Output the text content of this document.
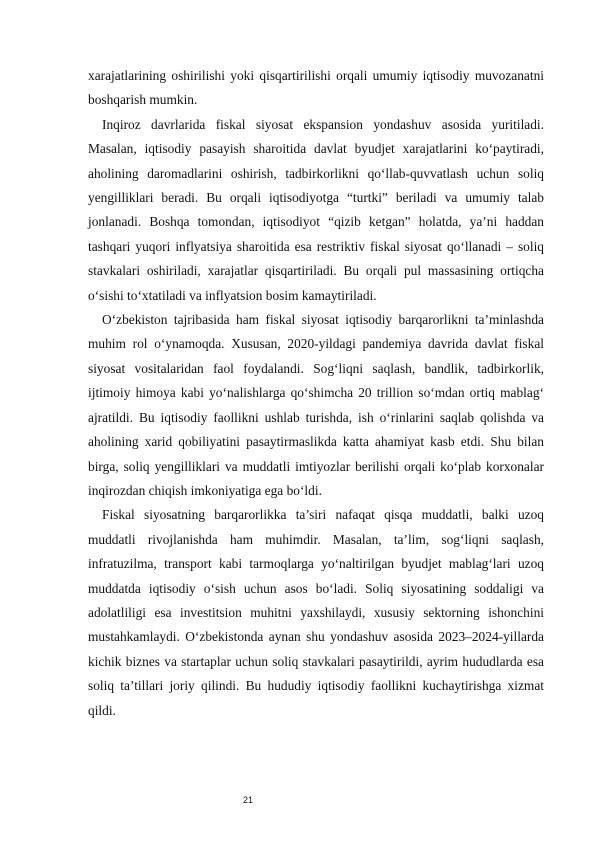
xarajatlarining oshirilishi yoki qisqartirilishi orqali umumiy iqtisodiy muvozanatni boshqarish mumkin.

Inqiroz davrlarida fiskal siyosat ekspansion yondashuv asosida yuritiladi. Masalan, iqtisodiy pasayish sharoitida davlat byudjet xarajatlarini ko‘paytiradi, aholining daromadlarini oshirish, tadbirkorlikni qo‘llab-quvvatlash uchun soliq yengilliklari beradi. Bu orqali iqtisodiyotga “turtki” beriladi va umumiy talab jonlanadi. Boshqa tomondan, iqtisodiyot “qizib ketgan” holatda, ya’ni haddan tashqari yuqori inflyatsiya sharoitida esa restriktiv fiskal siyosat qo‘llanadi – soliq stavkalari oshiriladi, xarajatlar qisqartiriladi. Bu orqali pul massasining ortiqcha o‘sishi to‘xtatiladi va inflyatsion bosim kamaytiriladi.

O‘zbekiston tajribasida ham fiskal siyosat iqtisodiy barqarorlikni ta’minlashda muhim rol o‘ynamoqda. Xususan, 2020-yildagi pandemiya davrida davlat fiskal siyosat vositalaridan faol foydalandi. Sog‘liqni saqlash, bandlik, tadbirkorlik, ijtimoiy himoya kabi yo‘nalishlarga qo‘shimcha 20 trillion so‘mdan ortiq mablag‘ ajratildi. Bu iqtisodiy faollikni ushlab turishda, ish o‘rinlarini saqlab qolishda va aholining xarid qobiliyatini pasaytirmaslikda katta ahamiyat kasb etdi. Shu bilan birga, soliq yengilliklari va muddatli imtiyozlar berilishi orqali ko‘plab korxonalar inqirozdan chiqish imkoniyatiga ega bo‘ldi.

Fiskal siyosatning barqarorlikka ta’siri nafaqat qisqa muddatli, balki uzoq muddatli rivojlanishda ham muhimdir. Masalan, ta’lim, sog‘liqni saqlash, infratuzilma, transport kabi tarmoqlarga yo‘naltirilgan byudjet mablag‘lari uzoq muddatda iqtisodiy o‘sish uchun asos bo‘ladi. Soliq siyosatining soddaligi va adolatliligi esa investitsion muhitni yaxshilaydi, xususiy sektorning ishonchini mustahkamlaydi. O‘zbekistonda aynan shu yondashuv asosida 2023–2024-yillarda kichik biznes va startaplar uchun soliq stavkalari pasaytirildi, ayrim hududlarda esa soliq ta’tillari joriy qilindi. Bu hududiy iqtisodiy faollikni kuchaytirishga xizmat qildi.

21
